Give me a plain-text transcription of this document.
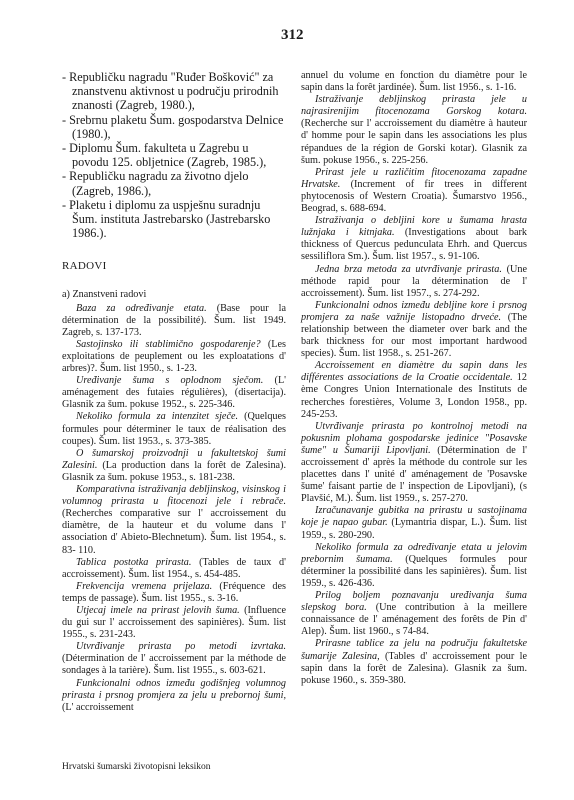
312

- Republičku nagradu "Ruđer Bošković" za znanstvenu aktivnost u području prirodnih znanosti (Zagreb, 1980.),

- Srebrnu plaketu Šum. gospodarstva Delnice (1980.),

- Diplomu Šum. fakulteta u Zagrebu u povodu 125. obljetnice (Zagreb, 1985.),

- Republičku nagradu za životno djelo (Zagreb, 1986.),

- Plaketu i diplomu za uspješnu suradnju Šum. instituta Jastrebarsko (Jastrebarsko 1986.).

RADOVI
a) Znanstveni radovi

Baza za određivanje etata. (Base pour la détermination de la possibilité). Šum. list 1949. Zagreb, s. 137-173.

Sastojinsko ili stablimično gospodarenje? (Les exploitations de peuplement ou les exploatations d' arbres)?. Šum. list 1950., s. 1-23.

Uređivanje šuma s oplodnom sječom. (L' aménagement des futaies régulières), (disertacija). Glasnik za šum. pokuse 1952., s. 225-346.

Nekoliko formula za intenzitet sječe. (Quelques formules pour déterminer le taux de réalisation des coupes). Šum. list 1953., s. 373-385.

O šumarskoj proizvodnji u fakultetskoj šumi Zalesini. (La production dans la forêt de Zalesina). Glasnik za šum. pokuse 1953., s. 181-238.

Komparativna istraživanja debljinskog, visinskog i volumnog prirasta u fitocenozi jele i rebrače. (Recherches comparative sur l' accroissement du diamètre, de la hauteur et du volume dans l' association d' Abieto-Blechnetum). Šum. list 1954., s. 83- 110.

Tablica postotka prirasta. (Tables de taux d' accroissement). Šum. list 1954., s. 454-485.

Frekvencija vremena prijelaza. (Fréquence des temps de passage). Šum. list 1955., s. 3-16.

Utjecaj imele na prirast jelovih šuma. (Influence du gui sur l' accroissement des sapinières). Šum. list 1955., s. 231-243.

Utvrđivanje prirasta po metodi izvrtaka. (Détermination de l' accroissement par la méthode de sondages à la tarière). Šum. list 1955., s. 603-621.

Funkcionalni odnos između godišnjeg volumnog prirasta i prsnog promjera za jelu u prebornoj šumi, (L' accroissement

annuel du volume en fonction du diamètre pour le sapin dans la forêt jardinée). Šum. list 1956., s. 1-16.

Istraživanje debljinskog prirasta jele u najrasirenijim fitocenozama Gorskog kotara. (Recherche sur l' accroissement du diamètre à hauteur d' homme pour le sapin dans les associations les plus répandues de la région de Gorski kotar). Glasnik za šum. pokuse 1956., s. 225-256.

Prirast jele u različitim fitocenozama zapadne Hrvatske. (Increment of fir trees in different phytocenosis of Western Croatia). Šumarstvo 1956., Beograd, s. 688-694.

Istraživanja o debljini kore u šumama hrasta lužnjaka i kitnjaka. (Investigations about bark thickness of Quercus pedunculata Ehrh. and Quercus sessiliflora Sm.). Šum. list 1957., s. 91-106.

Jedna brza metoda za utvrđivanje prirasta. (Une méthode rapid pour la détermination de l' accroissement). Šum. list 1957., s. 274-292.

Funkcionalni odnos između debljine kore i prsnog promjera za naše važnije listopadno drveće. (The relationship between the diameter over bark and the bark thickness for our most important hardwood species). Šum. list 1958., s. 251-267.

Accroissement en diamètre du sapin dans les différentes associations de la Croatie occidentale. 12 ème Congres Union Internationale des Instituts de recherches forestières, Volume 3, London 1958., pp. 245-253.

Utvrđivanje prirasta po kontrolnoj metodi na pokusnim plohama gospodarske jedinice "Posavske šume" u Šumariji Lipovljani. (Détermination de l' accroissement d' après la méthode du controle sur les placettes dans l' unité d' aménagement de 'Posavske šume' faisant partie de l' inspection de Lipovljani), (s Plavšić, M.). Šum. list 1959., s. 257-270.

Izračunavanje gubitka na prirastu u sastojinama koje je napao gubar. (Lymantria dispar, L.). Šum. list 1959., s. 280-290.

Nekoliko formula za određivanje etata u jelovim prebornim šumama. (Quelques formules pour déterminer la possibilité dans les sapinières). Šum. list 1959., s. 426-436.

Prilog boljem poznavanju uređivanja šuma slepskog bora. (Une contribution à la meillere connaissance de l' aménagement des forêts de Pin d' Alep). Šum. list 1960., s 74-84.

Prirasne tablice za jelu na području fakultetske šumarije Zalesina, (Tables d' accroissement pour le sapin dans la forêt de Zalesina). Glasnik za šum. pokuse 1960., s. 359-380.

Hrvatski šumarski životopisni leksikon
